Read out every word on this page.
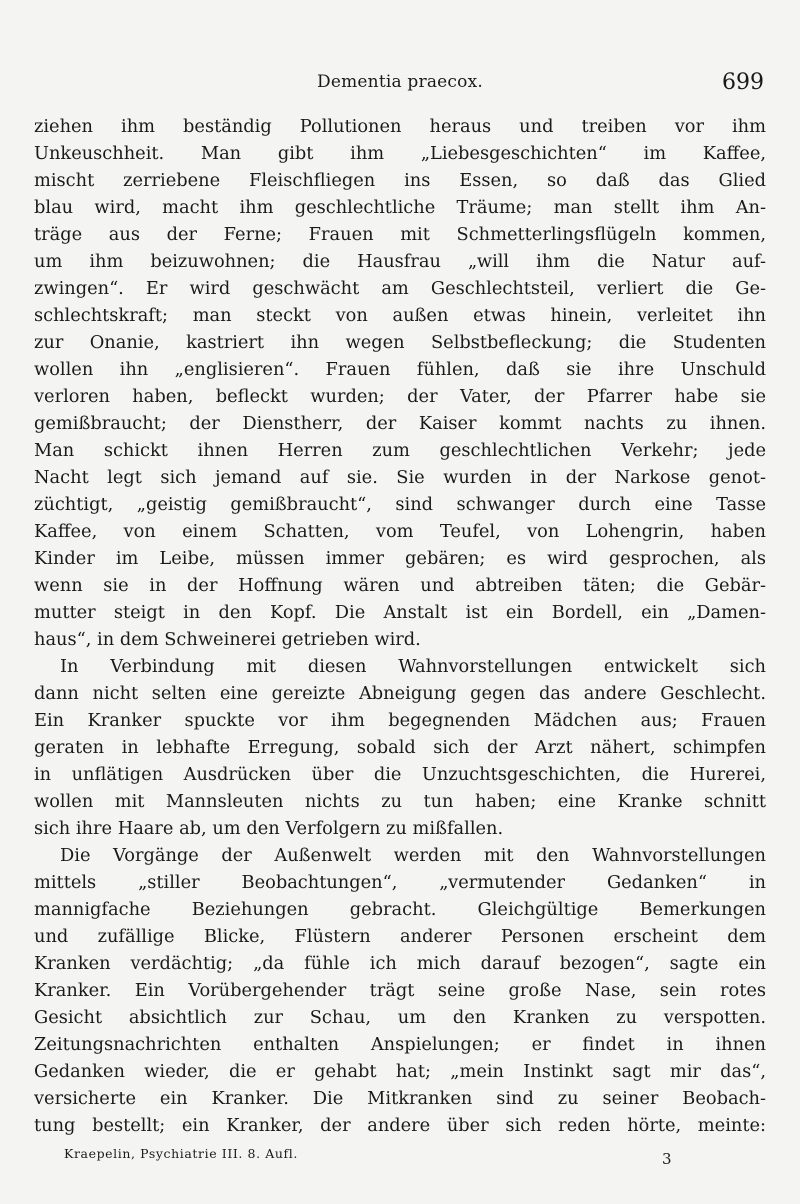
Dementia praecox.	699
ziehen ihm beständig Pollutionen heraus und treiben vor ihm
Unkeuschheit. Man gibt ihm „Liebesgeschichten“ im Kaffee,
mischt zerriebene Fleischfliegen ins Essen, so daß das Glied
blau wird, macht ihm geschlechtliche Träume; man stellt ihm An-
träge aus der Ferne; Frauen mit Schmetterlingsflügeln kommen,
um ihm beizuwohnen; die Hausfrau „will ihm die Natur auf-
zwingen“. Er wird geschwächt am Geschlechtsteil, verliert die Ge-
schlechtskraft; man steckt von außen etwas hinein, verleitet ihn
zur Onanie, kastriert ihn wegen Selbstbefleckung; die Studenten
wollen ihn „englisieren“. Frauen fühlen, daß sie ihre Unschuld
verloren haben, befleckt wurden; der Vater, der Pfarrer habe sie
gemißbraucht; der Dienstherr, der Kaiser kommt nachts zu ihnen.
Man schickt ihnen Herren zum geschlechtlichen Verkehr; jede
Nacht legt sich jemand auf sie. Sie wurden in der Narkose genot-
züchtigt, „geistig gemißbraucht“, sind schwanger durch eine Tasse
Kaffee, von einem Schatten, vom Teufel, von Lohengrin, haben
Kinder im Leibe, müssen immer gebären; es wird gesprochen, als
wenn sie in der Hoffnung wären und abtreiben täten; die Gebär-
mutter steigt in den Kopf. Die Anstalt ist ein Bordell, ein „Damen-
haus“, in dem Schweinerei getrieben wird.
In Verbindung mit diesen Wahnvorstellungen entwickelt sich
dann nicht selten eine gereizte Abneigung gegen das andere Geschlecht.
Ein Kranker spuckte vor ihm begegnenden Mädchen aus; Frauen
geraten in lebhafte Erregung, sobald sich der Arzt nähert, schimpfen
in unflätigen Ausdrücken über die Unzuchtsgeschichten, die Hurerei,
wollen mit Mannsleuten nichts zu tun haben; eine Kranke schnitt
sich ihre Haare ab, um den Verfolgern zu mißfallen.
Die Vorgänge der Außenwelt werden mit den Wahnvorstellungen
mittels „stiller Beobachtungen“, „vermutender Gedanken“ in
mannigfache Beziehungen gebracht. Gleichgültige Bemerkungen
und zufällige Blicke, Flüstern anderer Personen erscheint dem
Kranken verdächtig; „da fühle ich mich darauf bezogen“, sagte ein
Kranker. Ein Vorübergehender trägt seine große Nase, sein rotes
Gesicht absichtlich zur Schau, um den Kranken zu verspotten.
Zeitungsnachrichten enthalten Anspielungen; er findet in ihnen
Gedanken wieder, die er gehabt hat; „mein Instinkt sagt mir das“,
versicherte ein Kranker. Die Mitkranken sind zu seiner Beobach-
tung bestellt; ein Kranker, der andere über sich reden hörte, meinte:
Kraepelin, Psychiatrie III. 8. Aufl.	3
